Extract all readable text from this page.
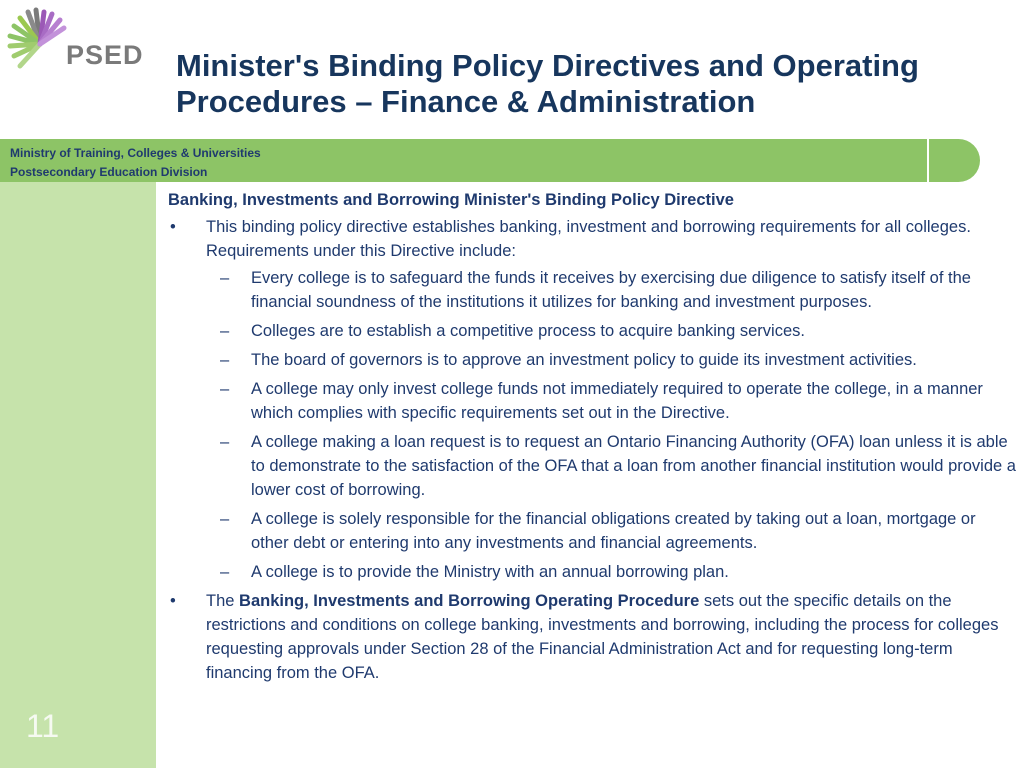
PSED Minister's Binding Policy Directives and Operating
Procedures – Finance & Administration
Ministry of Training, Colleges & Universities
Postsecondary Education Division
11
Banking, Investments and Borrowing Minister's Binding Policy Directive
• This binding policy directive establishes banking, investment and borrowing requirements for all colleges. Requirements under this Directive include:
– Every college is to safeguard the funds it receives by exercising due diligence to satisfy itself of the financial soundness of the institutions it utilizes for banking and investment purposes.
– Colleges are to establish a competitive process to acquire banking services.
– The board of governors is to approve an investment policy to guide its investment activities.
– A college may only invest college funds not immediately required to operate the college, in a manner which complies with specific requirements set out in the Directive.
– A college making a loan request is to request an Ontario Financing Authority (OFA) loan unless it is able to demonstrate to the satisfaction of the OFA that a loan from another financial institution would provide a lower cost of borrowing.
– A college is solely responsible for the financial obligations created by taking out a loan, mortgage or other debt or entering into any investments and financial agreements.
– A college is to provide the Ministry with an annual borrowing plan.
• The Banking, Investments and Borrowing Operating Procedure sets out the specific details on the restrictions and conditions on college banking, investments and borrowing, including the process for colleges requesting approvals under Section 28 of the Financial Administration Act and for requesting long-term financing from the OFA.
